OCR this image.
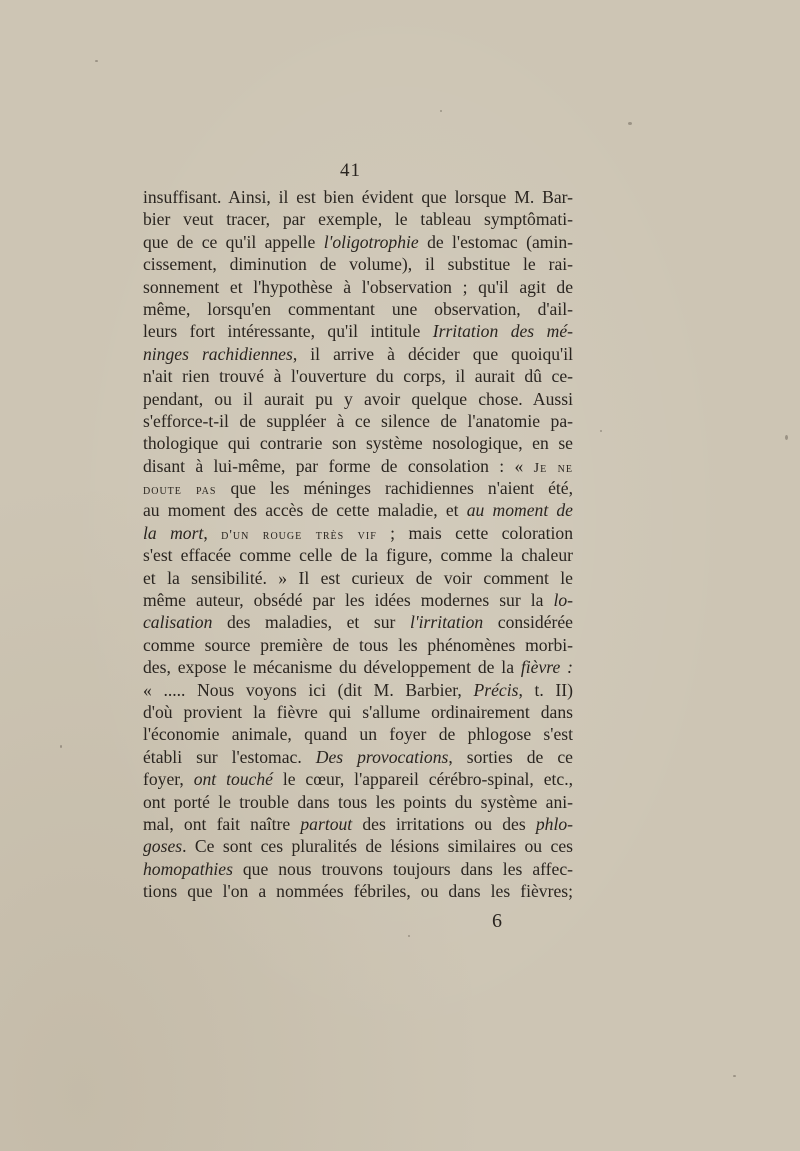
41
insuffisant. Ainsi, il est bien évident que lorsque M. Bar-
bier veut tracer, par exemple, le tableau symptômati-
que de ce qu'il appelle l'oligotrophie de l'estomac (amin-
cissement, diminution de volume), il substitue le rai-
sonnement et l'hypothèse à l'observation ; qu'il agit de
même, lorsqu'en commentant une observation, d'ail-
leurs fort intéressante, qu'il intitule Irritation des mé-
ninges rachidiennes, il arrive à décider que quoiqu'il
n'ait rien trouvé à l'ouverture du corps, il aurait dû ce-
pendant, ou il aurait pu y avoir quelque chose. Aussi
s'efforce-t-il de suppléer à ce silence de l'anatomie pa-
thologique qui contrarie son système nosologique, en se
disant à lui-même, par forme de consolation : « Je ne
doute pas que les méninges rachidiennes n'aient été,
au moment des accès de cette maladie, et au moment de
la mort, d'un rouge très vif ; mais cette coloration
s'est effacée comme celle de la figure, comme la chaleur
et la sensibilité. » Il est curieux de voir comment le
même auteur, obsédé par les idées modernes sur la lo-
calisation des maladies, et sur l'irritation considérée
comme source première de tous les phénomènes morbi-
des, expose le mécanisme du développement de la fièvre :
« ..... Nous voyons ici (dit M. Barbier, Précis, t. II)
d'où provient la fièvre qui s'allume ordinairement dans
l'économie animale, quand un foyer de phlogose s'est
établi sur l'estomac. Des provocations, sorties de ce
foyer, ont touché le cœur, l'appareil cérébro-spinal, etc.,
ont porté le trouble dans tous les points du système ani-
mal, ont fait naître partout des irritations ou des phlo-
goses. Ce sont ces pluralités de lésions similaires ou ces
homopathies que nous trouvons toujours dans les affec-
tions que l'on a nommées fébriles, ou dans les fièvres;
6
